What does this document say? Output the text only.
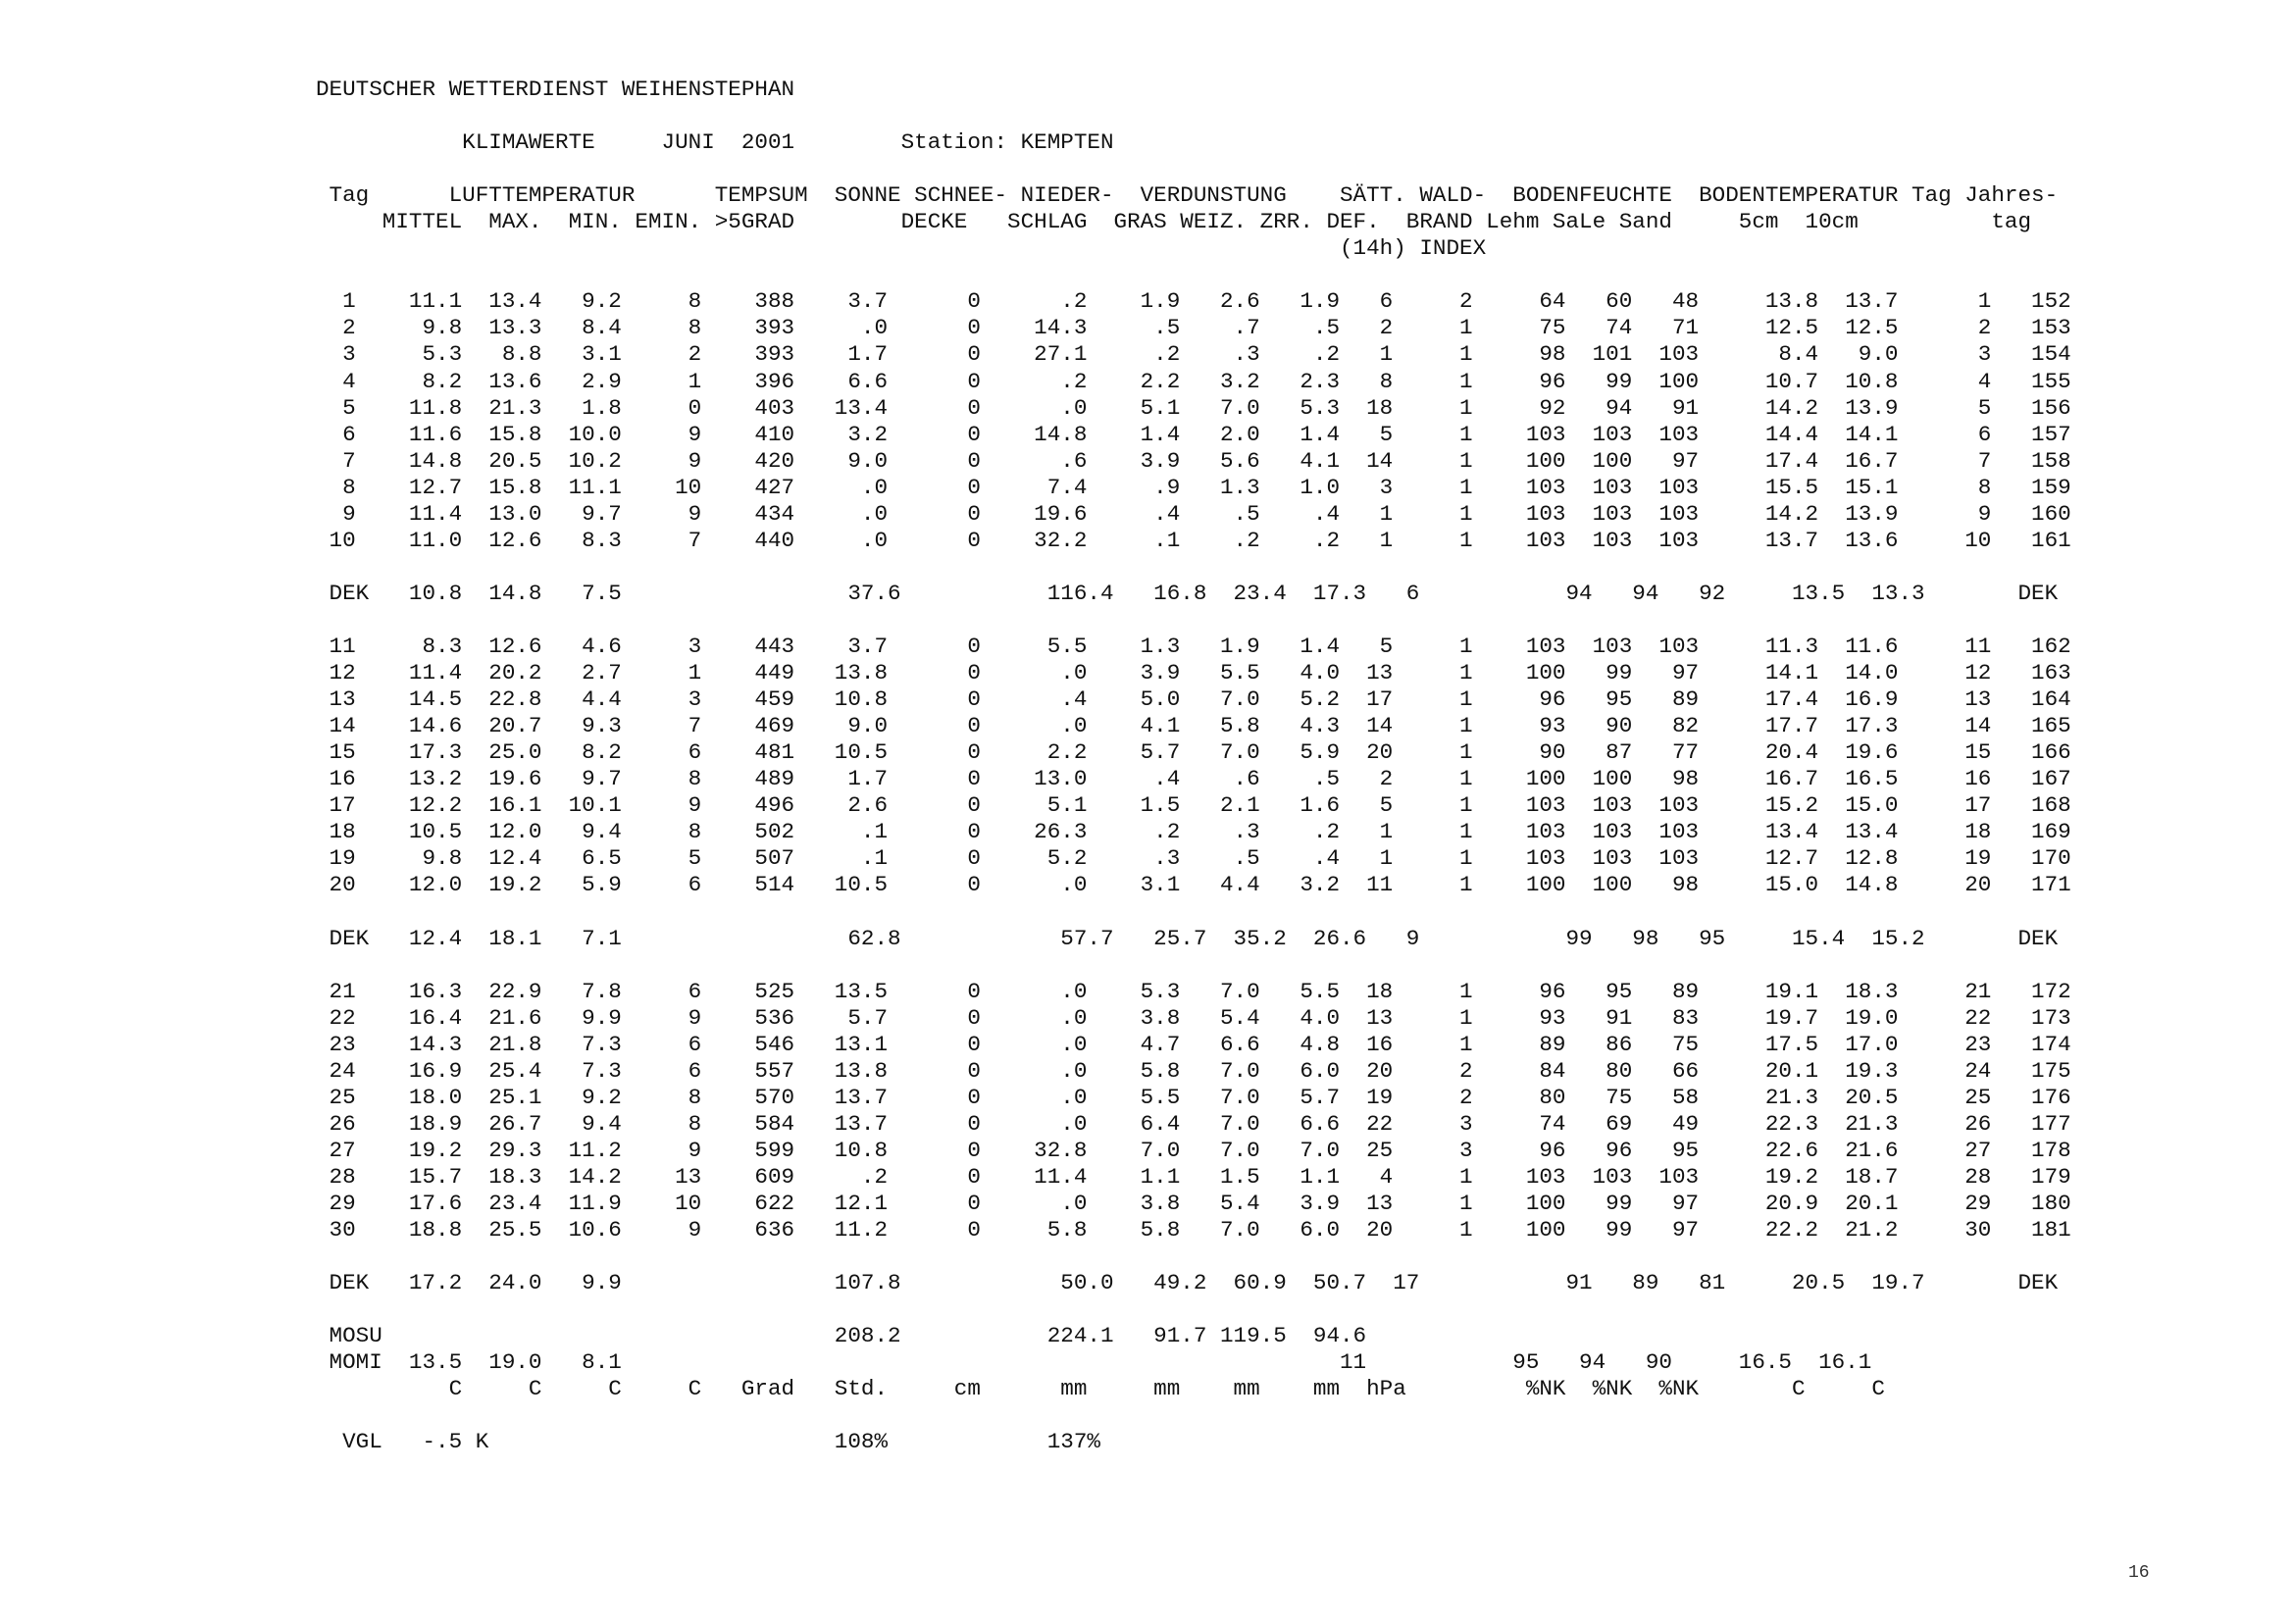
DEUTSCHER WETTERDIENST WEIHENSTEPHAN

KLIMAWERTE     JUNI  2001        Station: KEMPTEN

Tag      LUFTTEMPERATUR      TEMPSUM  SONNE SCHNEE- NIEDER-  VERDUNSTUNG    SÄTT. WALD-  BODENFEUCHTE  BODENTEMPERATUR Tag Jahres-
MITTEL  MAX.  MIN. EMIN. >5GRAD        DECKE   SCHLAG  GRAS WEIZ. ZRR. DEF.  BRAND Lehm SaLe Sand     5cm  10cm          tag
(14h) INDEX

1    11.1  13.4   9.2     8    388    3.7      0      .2    1.9   2.6   1.9   6     2     64   60   48     13.8  13.7      1   152
2     9.8  13.3   8.4     8    393     .0      0    14.3     .5    .7    .5   2     1     75   74   71     12.5  12.5      2   153
3     5.3   8.8   3.1     2    393    1.7      0    27.1     .2    .3    .2   1     1     98  101  103      8.4   9.0      3   154
4     8.2  13.6   2.9     1    396    6.6      0      .2    2.2   3.2   2.3   8     1     96   99  100     10.7  10.8      4   155
5    11.8  21.3   1.8     0    403   13.4      0      .0    5.1   7.0   5.3  18     1     92   94   91     14.2  13.9      5   156
6    11.6  15.8  10.0     9    410    3.2      0    14.8    1.4   2.0   1.4   5     1    103  103  103     14.4  14.1      6   157
7    14.8  20.5  10.2     9    420    9.0      0      .6    3.9   5.6   4.1  14     1    100  100   97     17.4  16.7      7   158
8    12.7  15.8  11.1    10    427     .0      0     7.4     .9   1.3   1.0   3     1    103  103  103     15.5  15.1      8   159
9    11.4  13.0   9.7     9    434     .0      0    19.6     .4    .5    .4   1     1    103  103  103     14.2  13.9      9   160
10    11.0  12.6   8.3     7    440     .0      0    32.2     .1    .2    .2   1     1    103  103  103     13.7  13.6     10   161

DEK   10.8  14.8   7.5                 37.6           116.4   16.8  23.4  17.3   6           94   94   92     13.5  13.3       DEK

11     8.3  12.6   4.6     3    443    3.7      0     5.5    1.3   1.9   1.4   5     1    103  103  103     11.3  11.6     11   162
12    11.4  20.2   2.7     1    449   13.8      0      .0    3.9   5.5   4.0  13     1    100   99   97     14.1  14.0     12   163
13    14.5  22.8   4.4     3    459   10.8      0      .4    5.0   7.0   5.2  17     1     96   95   89     17.4  16.9     13   164
14    14.6  20.7   9.3     7    469    9.0      0      .0    4.1   5.8   4.3  14     1     93   90   82     17.7  17.3     14   165
15    17.3  25.0   8.2     6    481   10.5      0     2.2    5.7   7.0   5.9  20     1     90   87   77     20.4  19.6     15   166
16    13.2  19.6   9.7     8    489    1.7      0    13.0     .4    .6    .5   2     1    100  100   98     16.7  16.5     16   167
17    12.2  16.1  10.1     9    496    2.6      0     5.1    1.5   2.1   1.6   5     1    103  103  103     15.2  15.0     17   168
18    10.5  12.0   9.4     8    502     .1      0    26.3     .2    .3    .2   1     1    103  103  103     13.4  13.4     18   169
19     9.8  12.4   6.5     5    507     .1      0     5.2     .3    .5    .4   1     1    103  103  103     12.7  12.8     19   170
20    12.0  19.2   5.9     6    514   10.5      0      .0    3.1   4.4   3.2  11     1    100  100   98     15.0  14.8     20   171

DEK   12.4  18.1   7.1                 62.8            57.7   25.7  35.2  26.6   9           99   98   95     15.4  15.2       DEK

21    16.3  22.9   7.8     6    525   13.5      0      .0    5.3   7.0   5.5  18     1     96   95   89     19.1  18.3     21   172
22    16.4  21.6   9.9     9    536    5.7      0      .0    3.8   5.4   4.0  13     1     93   91   83     19.7  19.0     22   173
23    14.3  21.8   7.3     6    546   13.1      0      .0    4.7   6.6   4.8  16     1     89   86   75     17.5  17.0     23   174
24    16.9  25.4   7.3     6    557   13.8      0      .0    5.8   7.0   6.0  20     2     84   80   66     20.1  19.3     24   175
25    18.0  25.1   9.2     8    570   13.7      0      .0    5.5   7.0   5.7  19     2     80   75   58     21.3  20.5     25   176
26    18.9  26.7   9.4     8    584   13.7      0      .0    6.4   7.0   6.6  22     3     74   69   49     22.3  21.3     26   177
27    19.2  29.3  11.2     9    599   10.8      0    32.8    7.0   7.0   7.0  25     3     96   96   95     22.6  21.6     27   178
28    15.7  18.3  14.2    13    609     .2      0    11.4    1.1   1.5   1.1   4     1    103  103  103     19.2  18.7     28   179
29    17.6  23.4  11.9    10    622   12.1      0      .0    3.8   5.4   3.9  13     1    100   99   97     20.9  20.1     29   180
30    18.8  25.5  10.6     9    636   11.2      0     5.8    5.8   7.0   6.0  20     1    100   99   97     22.2  21.2     30   181

DEK   17.2  24.0   9.9                107.8            50.0   49.2  60.9  50.7  17           91   89   81     20.5  19.7       DEK

MOSU                                  208.2           224.1   91.7 119.5  94.6
MOMI  13.5  19.0   8.1                                                      11           95   94   90     16.5  16.1
C     C     C     C   Grad   Std.     cm      mm     mm    mm    mm  hPa         %NK  %NK  %NK       C     C

VGL   -.5 K                          108%            137%
16
